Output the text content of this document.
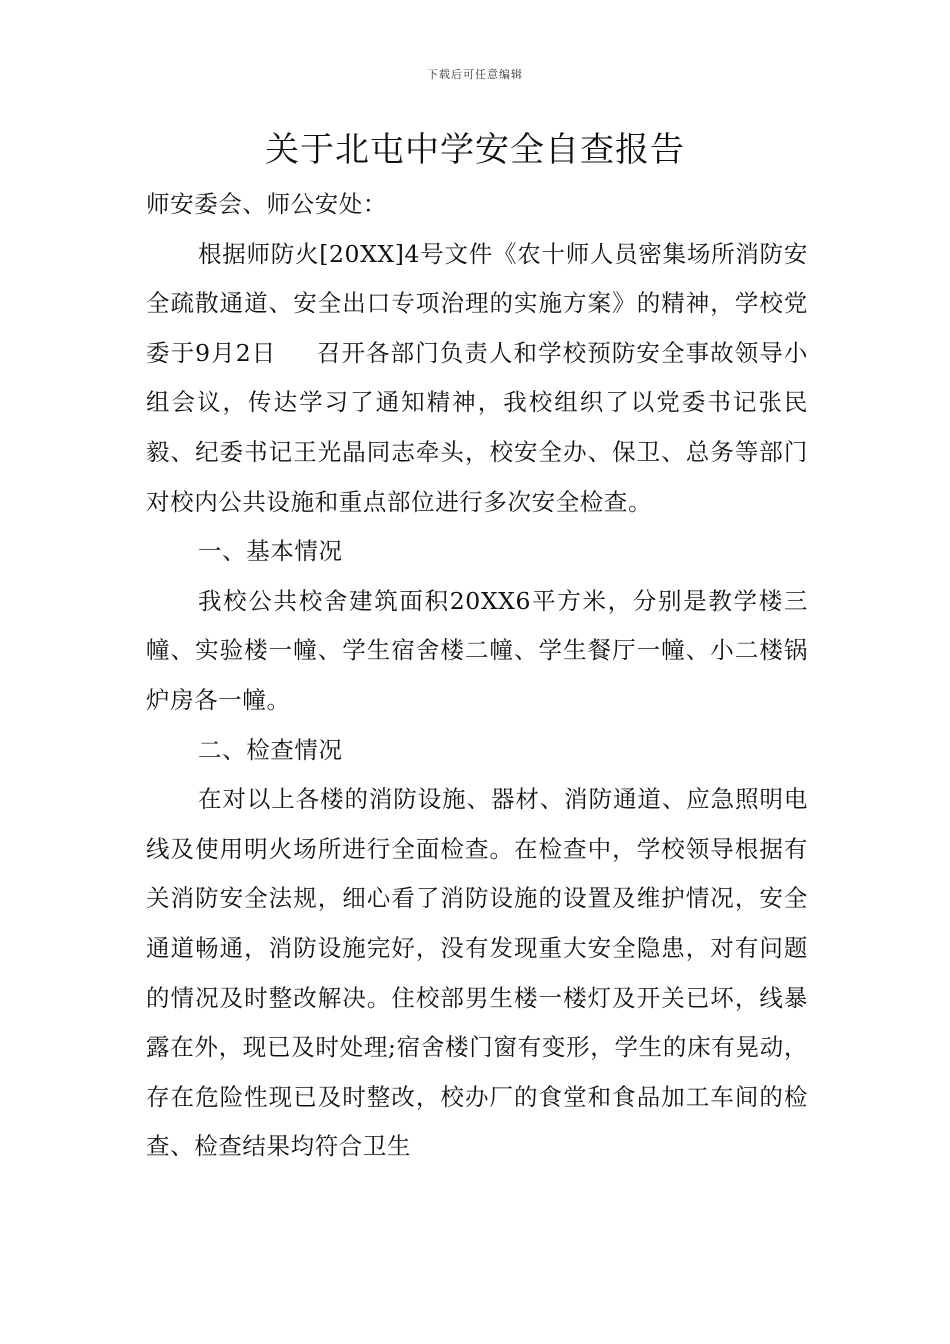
下载后可任意编辑
关于北屯中学安全自查报告

师安委会、师公安处：

根据师防火[20XX]4号文件《农十师人员密集场所消防安全疏散通道、安全出口专项治理的实施方案》的精神，学校党委于9月2日 召开各部门负责人和学校预防安全事故领导小组会议，传达学习了通知精神，我校组织了以党委书记张民毅、纪委书记王光晶同志牵头，校安全办、保卫、总务等部门对校内公共设施和重点部位进行多次安全检查。

一、基本情况

我校公共校舍建筑面积20XX6平方米，分别是教学楼三幢、实验楼一幢、学生宿舍楼二幢、学生餐厅一幢、小二楼锅炉房各一幢。

二、检查情况

在对以上各楼的消防设施、器材、消防通道、应急照明电线及使用明火场所进行全面检查。在检查中，学校领导根据有关消防安全法规，细心看了消防设施的设置及维护情况，安全通道畅通，消防设施完好，没有发现重大安全隐患，对有问题的情况及时整改解决。住校部男生楼一楼灯及开关已坏，线暴露在外，现已及时处理;宿舍楼门窗有变形，学生的床有晃动，存在危险性现已及时整改，校办厂的食堂和食品加工车间的检查、检查结果均符合卫生
